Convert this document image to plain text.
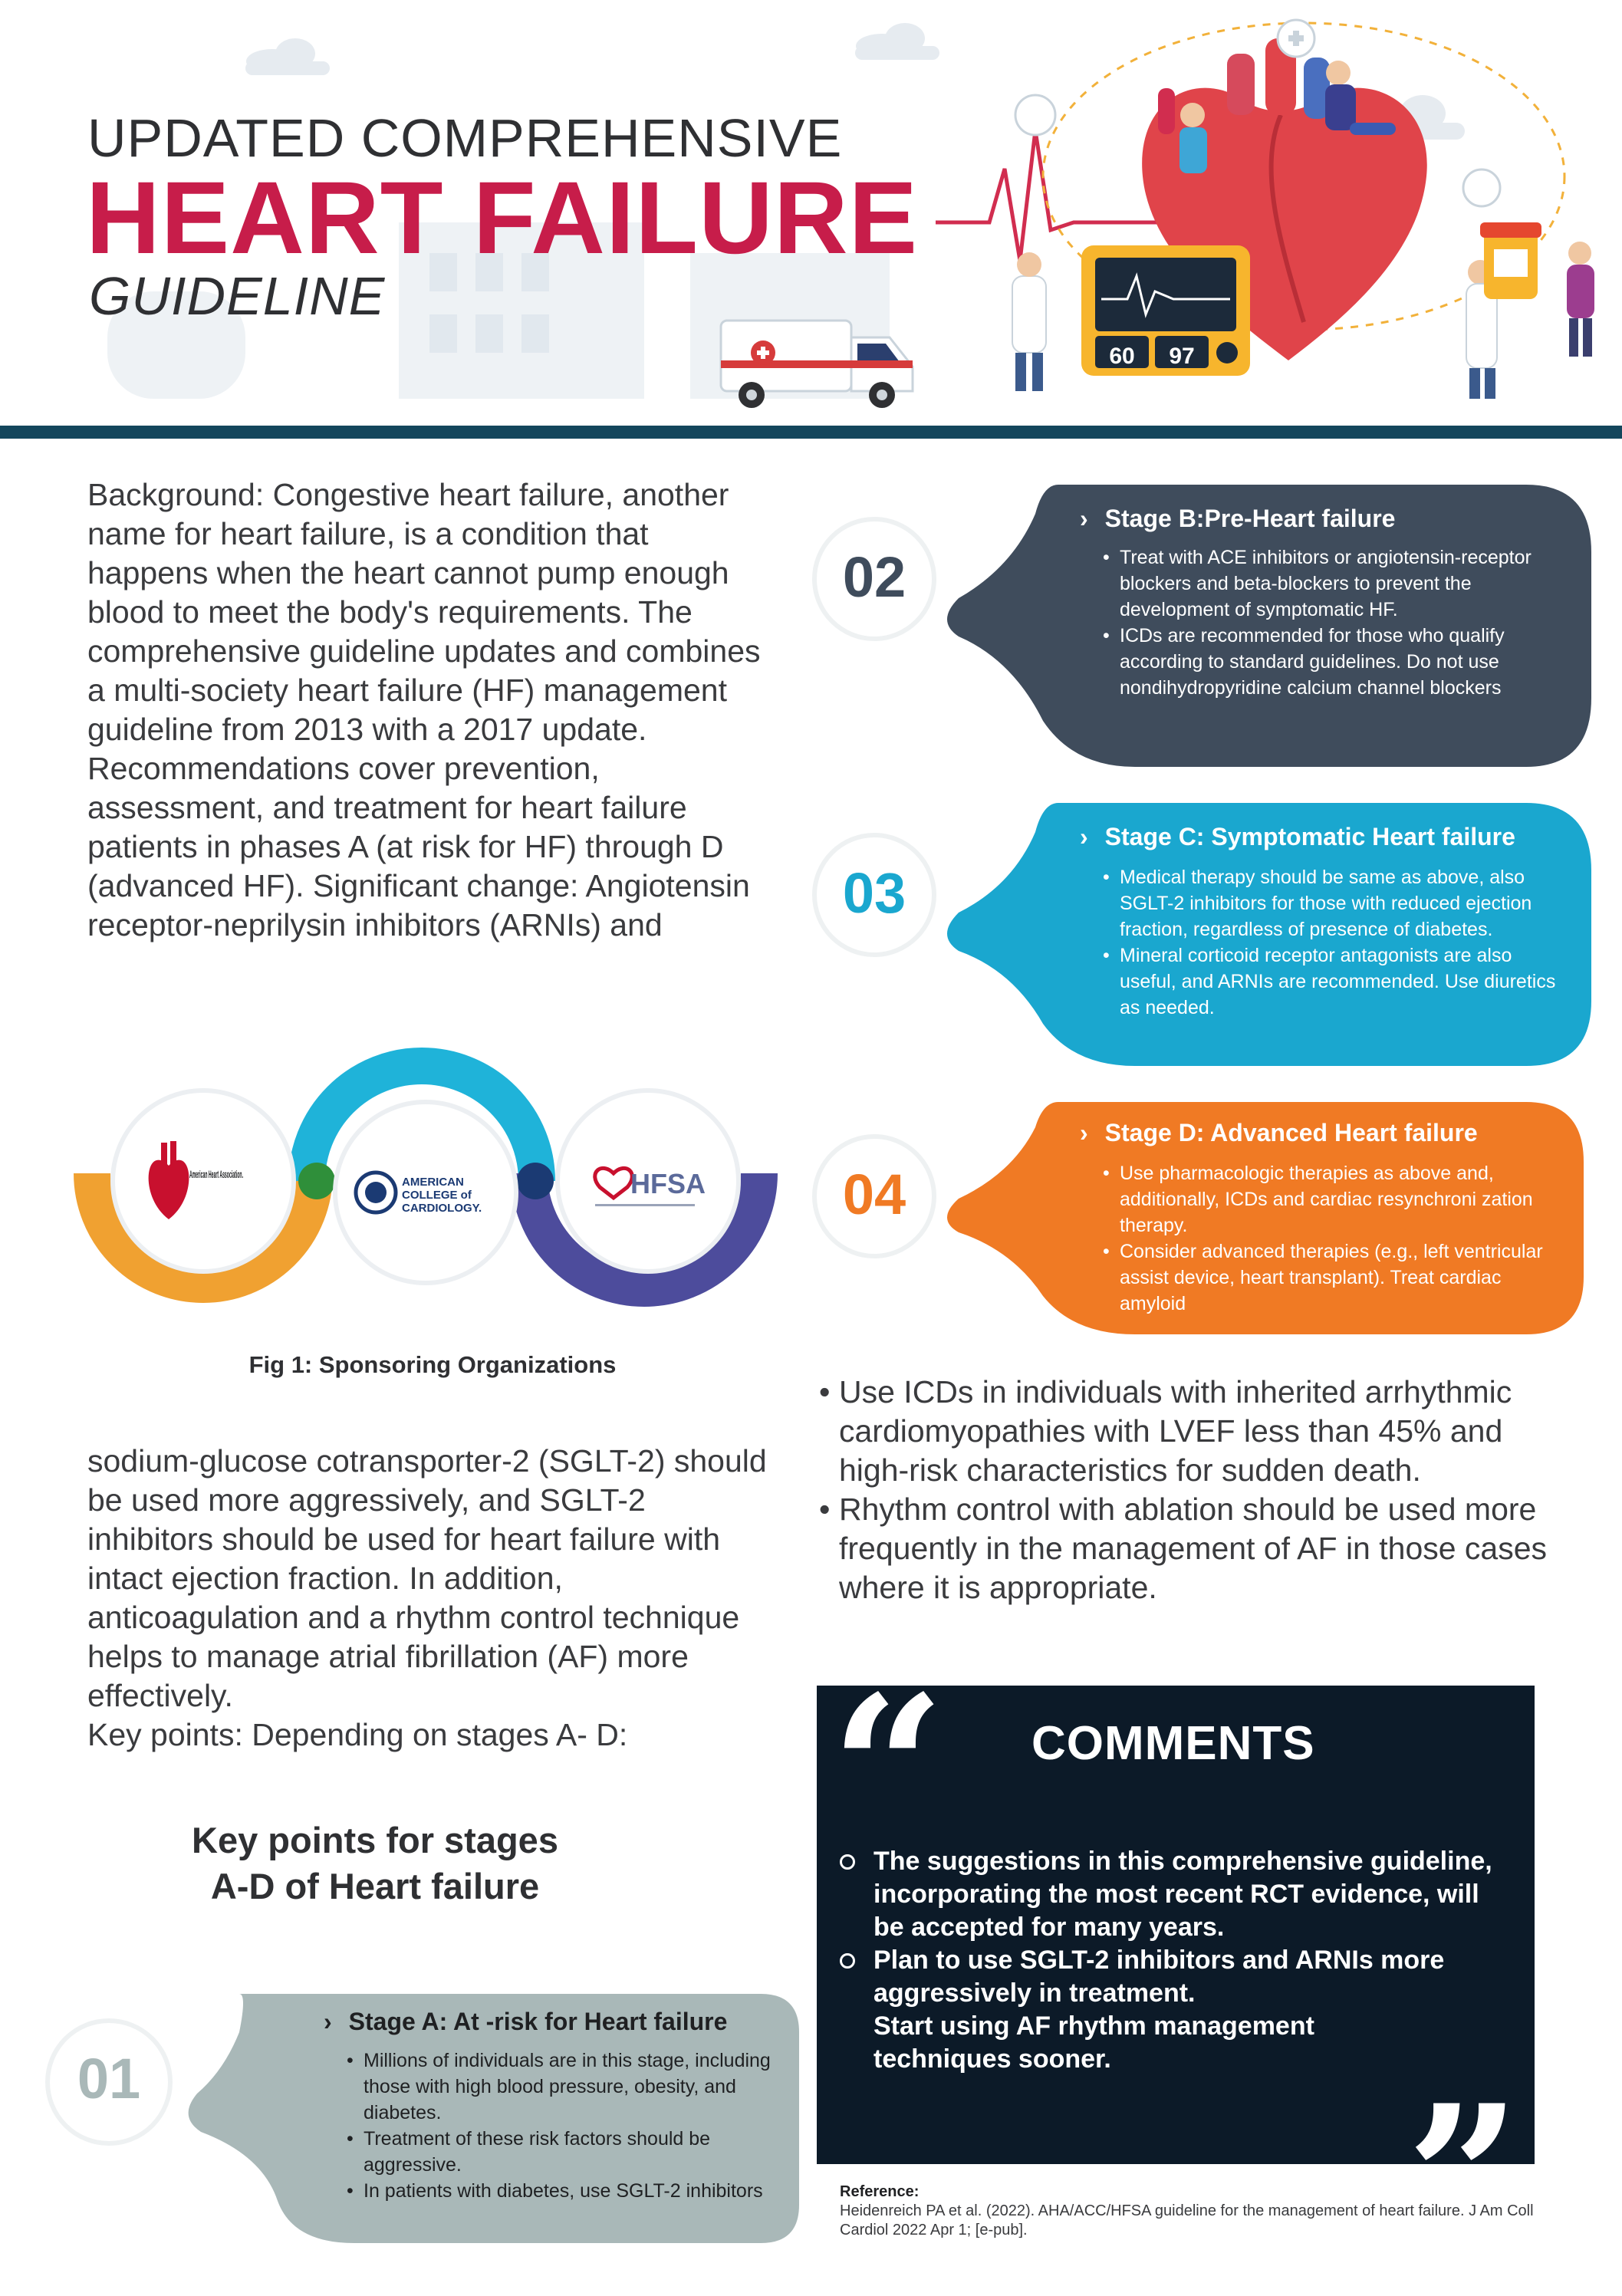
UPDATED COMPREHENSIVE
HEART FAILURE
GUIDELINE
60 97
Background: Congestive heart failure, another name for heart failure, is a condition that happens when the heart cannot pump enough blood to meet the body's requirements. The comprehensive guideline updates and combines a multi-society heart failure (HF) management guideline from 2013 with a 2017 update. Recommendations cover prevention, assessment, and treatment for heart failure patients in phases A (at risk for HF) through D (advanced HF). Significant change: Angiotensin receptor-neprilysin inhibitors (ARNIs) and
American Heart Association.
AMERICAN
COLLEGE of
CARDIOLOGY.
HFSA
Fig 1: Sponsoring Organizations
sodium-glucose cotransporter-2 (SGLT-2) should be used more aggressively, and SGLT-2 inhibitors should be used for heart failure with intact ejection fraction. In addition, anticoagulation and a rhythm control technique helps to manage atrial fibrillation (AF) more effectively.
Key points: Depending on stages A- D:
Key points for stages
A-D of Heart failure
01
› Stage A: At -risk for Heart failure
• Millions of individuals are in this stage, including those with high blood pressure, obesity, and diabetes.
• Treatment of these risk factors should be aggressive.
• In patients with diabetes, use SGLT-2 inhibitors
02
› Stage B:Pre-Heart failure
• Treat with ACE inhibitors or angiotensin-receptor blockers and beta-blockers to prevent the development of symptomatic HF.
• ICDs are recommended for those who qualify according to standard guidelines. Do not use nondihydropyridine calcium channel blockers
03
› Stage C: Symptomatic Heart failure
• Medical therapy should be same as above, also SGLT-2 inhibitors for those with reduced ejection fraction, regardless of presence of diabetes.
• Mineral corticoid receptor antagonists are also useful, and ARNIs are recommended. Use diuretics as needed.
04
› Stage D: Advanced Heart failure
• Use pharmacologic therapies as above and, additionally, ICDs and cardiac resynchroni zation therapy.
• Consider advanced therapies (e.g., left ventricular assist device, heart transplant). Treat cardiac amyloid
• Use ICDs in individuals with inherited arrhythmic cardiomyopathies with LVEF less than 45% and high-risk characteristics for sudden death.
• Rhythm control with ablation should be used more frequently in the management of AF in those cases where it is appropriate.
“ COMMENTS
The suggestions in this comprehensive guideline, incorporating the most recent RCT evidence, will be accepted for many years.
Plan to use SGLT-2 inhibitors and ARNIs more aggressively in treatment.
Start using AF rhythm management techniques sooner.
”
Reference:
Heidenreich PA et al. (2022). AHA/ACC/HFSA guideline for the management of heart failure. J Am Coll Cardiol 2022 Apr 1; [e-pub].
